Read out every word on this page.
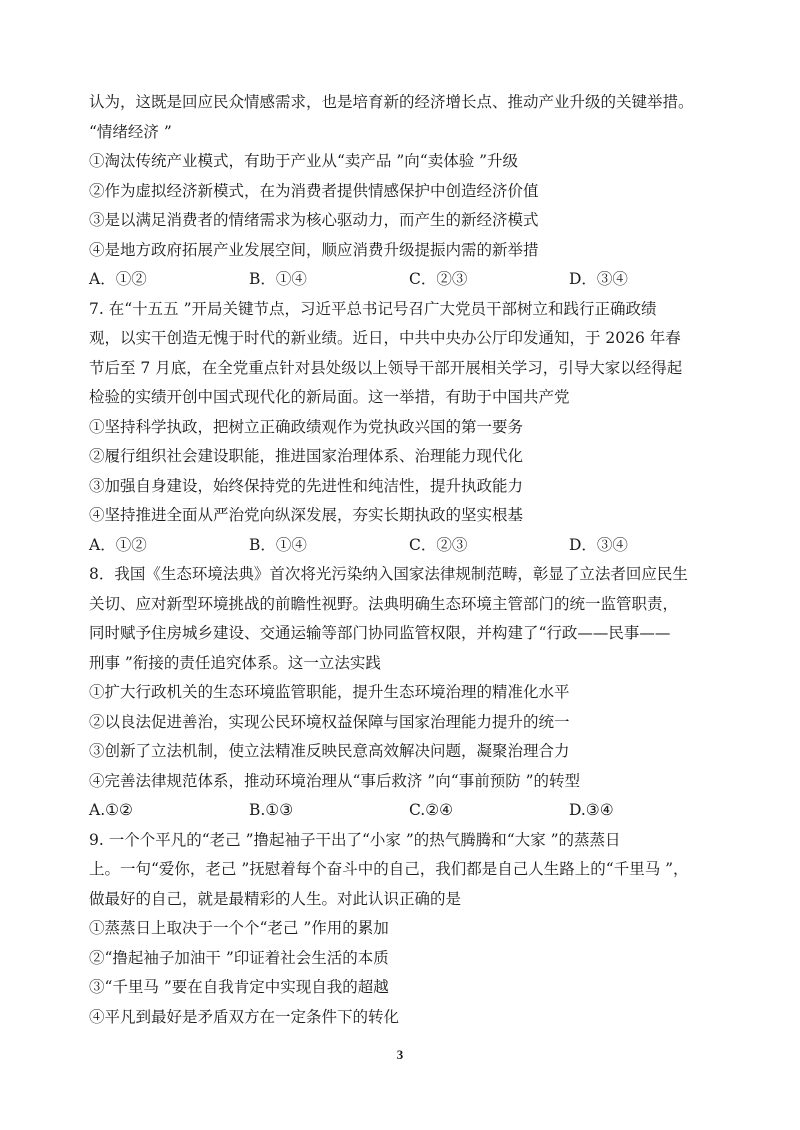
认为，这既是回应民众情感需求，也是培育新的经济增长点、推动产业升级的关键举措。
“情绪经济 ”
①淘汰传统产业模式，有助于产业从“卖产品 ”向“卖体验 ”升级
②作为虚拟经济新模式，在为消费者提供情感保护中创造经济价值
③是以满足消费者的情绪需求为核心驱动力，而产生的新经济模式
④是地方政府拓展产业发展空间，顺应消费升级提振内需的新举措
A．①②	B．①④	C．②③	D．③④
7. 在“十五五 ”开局关键节点，习近平总书记号召广大党员干部树立和践行正确政绩
观，以实干创造无愧于时代的新业绩。近日，中共中央办公厅印发通知，于 2026 年春
节后至 7 月底，在全党重点针对县处级以上领导干部开展相关学习，引导大家以经得起
检验的实绩开创中国式现代化的新局面。这一举措，有助于中国共产党
①坚持科学执政，把树立正确政绩观作为党执政兴国的第一要务
②履行组织社会建设职能，推进国家治理体系、治理能力现代化
③加强自身建设，始终保持党的先进性和纯洁性，提升执政能力
④坚持推进全面从严治党向纵深发展，夯实长期执政的坚实根基
A．①②	B．①④	C．②③	D．③④
8．我国《生态环境法典》首次将光污染纳入国家法律规制范畴，彰显了立法者回应民生
关切、应对新型环境挑战的前瞻性视野。法典明确生态环境主管部门的统一监管职责，
同时赋予住房城乡建设、交通运输等部门协同监管权限，并构建了“行政——民事——
刑事 ”衔接的责任追究体系。这一立法实践
①扩大行政机关的生态环境监管职能，提升生态环境治理的精准化水平
②以良法促进善治，实现公民环境权益保障与国家治理能力提升的统一
③创新了立法机制，使立法精准反映民意高效解决问题，凝聚治理合力
④完善法律规范体系，推动环境治理从“事后救济 ”向“事前预防 ”的转型
A.①②	B.①③	C.②④	D.③④
9. 一个个平凡的“老己 ”撸起袖子干出了“小家 ”的热气腾腾和“大家 ”的蒸蒸日
上。一句“爱你，老己 ”抚慰着每个奋斗中的自己，我们都是自己人生路上的“千里马 ”，
做最好的自己，就是最精彩的人生。对此认识正确的是
①蒸蒸日上取决于一个个“老己 ”作用的累加
②“撸起袖子加油干 ”印证着社会生活的本质
③“千里马 ”要在自我肯定中实现自我的超越
④平凡到最好是矛盾双方在一定条件下的转化
3
